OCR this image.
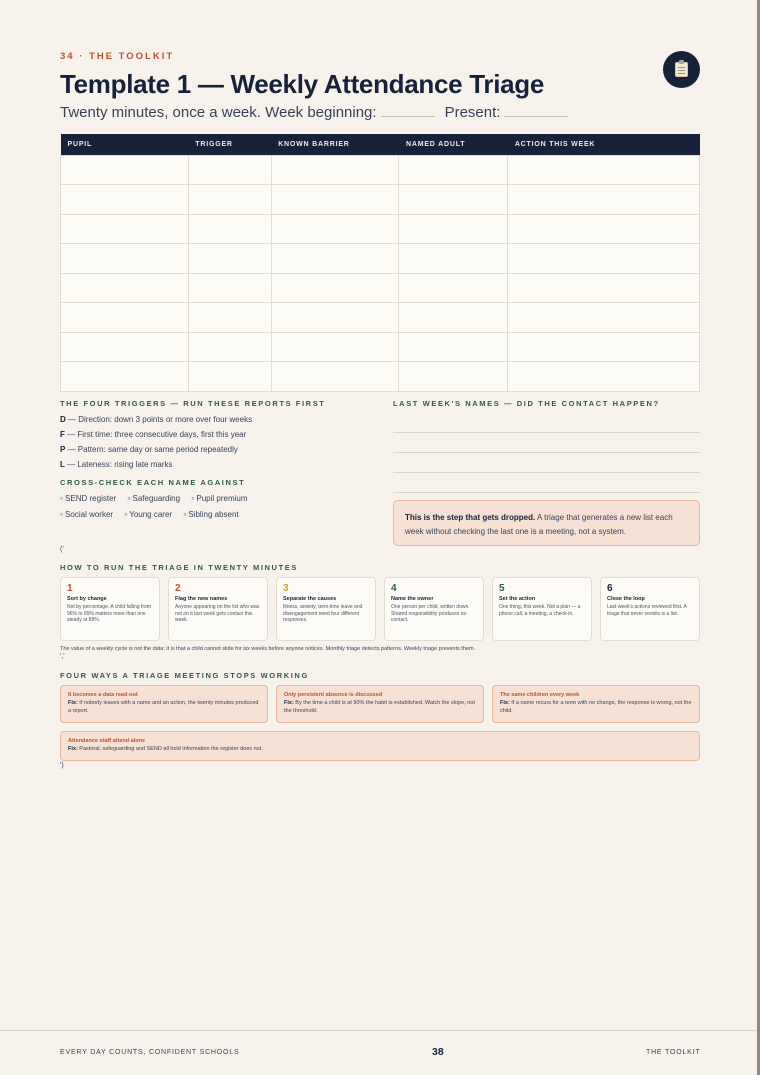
34 · THE TOOLKIT
Template 1 — Weekly Attendance Triage
Twenty minutes, once a week. Week beginning:	Present:
PUPIL	TRIGGER	KNOWN BARRIER	NAMED ADULT	ACTION THIS WEEK

THE FOUR TRIGGERS — RUN THESE REPORTS FIRST
D — Direction: down 3 points or more over four weeks
F — First time: three consecutive days, first this year
P — Pattern: same day or same period repeatedly
L — Lateness: rising late marks
CROSS-CHECK EACH NAME AGAINST
▫ SEND register ▫ Safeguarding ▫ Pupil premium
▫ Social worker ▫ Young carer ▫ Sibling absent
LAST WEEK'S NAMES — DID THE CONTACT HAPPEN?
This is the step that gets dropped. A triage that generates a new list each week without checking the last one is a meeting, not a system.
('
HOW TO RUN THE TRIAGE IN TWENTY MINUTES
1
Sort by change
Not by percentage. A child falling from 96% to 89% matters more than one steady at 88%.
2
Flag the new names
Anyone appearing on the list who was not on it last week gets contact this week.
3
Separate the causes
Illness, anxiety, term-time leave and disengagement need four different responses.
4
Name the owner
One person per child, written down. Shared responsibility produces no contact.
5
Set the action
One thing, this week. Not a plan — a phone call, a meeting, a check-in.
6
Close the loop
Last week's actions reviewed first. A triage that never revisits is a list.
The value of a weekly cycle is not the data; it is that a child cannot slide for six weeks before anyone notices. Monthly triage detects patterns. Weekly triage prevents them.
','
FOUR WAYS A TRIAGE MEETING STOPS WORKING
It becomes a data read-out
Fix: If nobody leaves with a name and an action, the twenty minutes produced a report.
Only persistent absence is discussed
Fix: By the time a child is at 90% the habit is established. Watch the slope, not the threshold.
The same children every week
Fix: If a name recurs for a term with no change, the response is wrong, not the child.
Attendance staff attend alone
Fix: Pastoral, safeguarding and SEND all hold information the register does not.
')
EVERY DAY COUNTS, CONFIDENT SCHOOLS	38	THE TOOLKIT
